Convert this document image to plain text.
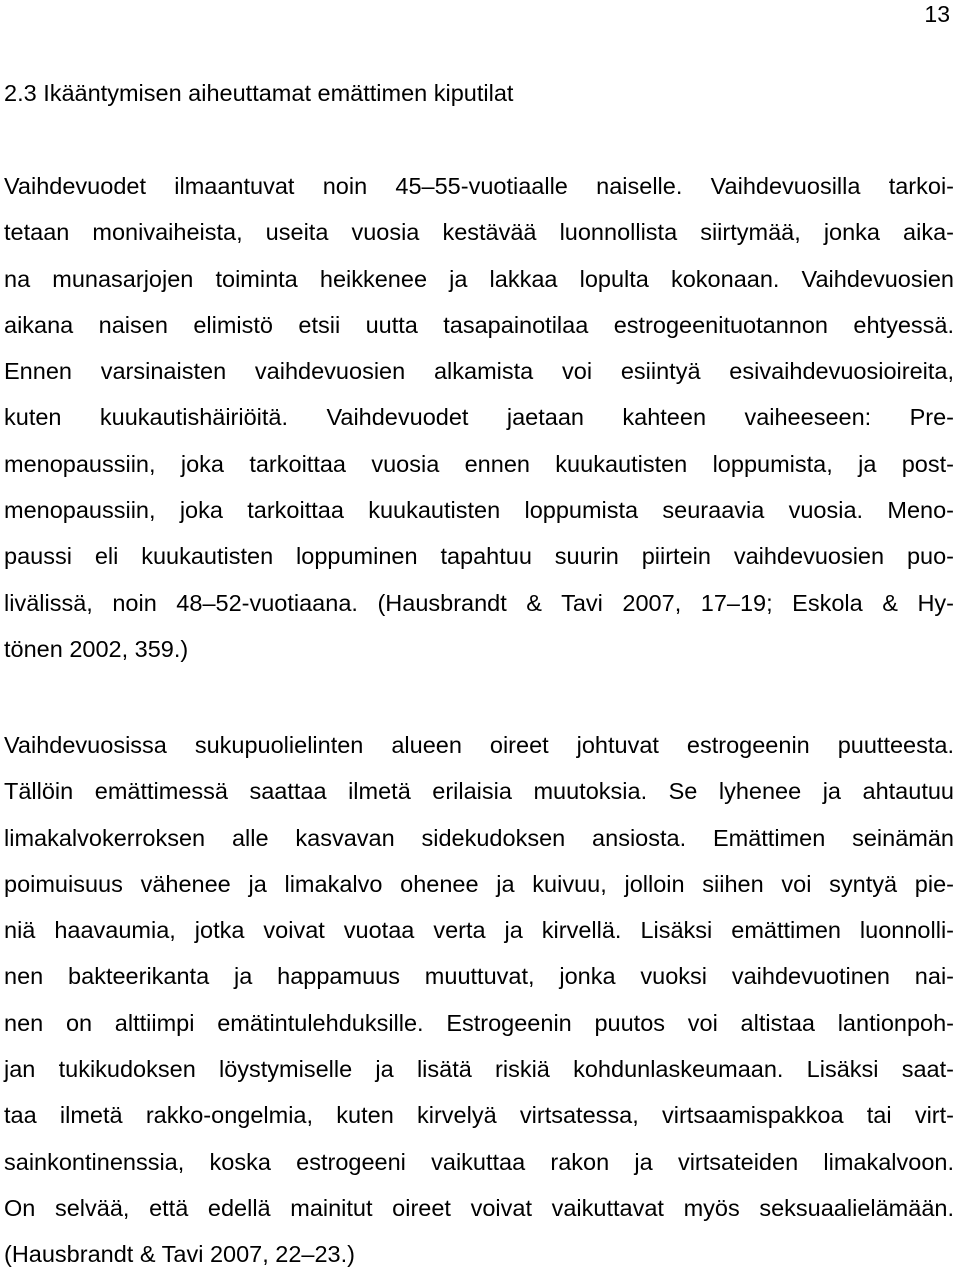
13
2.3 Ikääntymisen aiheuttamat emättimen kiputilat
Vaihdevuodet ilmaantuvat noin 45–55-vuotiaalle naiselle. Vaihdevuosilla tarkoi-
tetaan monivaiheista, useita vuosia kestävää luonnollista siirtymää, jonka aika-
na munasarjojen toiminta heikkenee ja lakkaa lopulta kokonaan. Vaihdevuosien
aikana naisen elimistö etsii uutta tasapainotilaa estrogeenituotannon ehtyessä.
Ennen varsinaisten vaihdevuosien alkamista voi esiintyä esivaihdevuosioireita,
kuten kuukautishäiriöitä. Vaihdevuodet jaetaan kahteen vaiheeseen: Pre-
menopaussiin, joka tarkoittaa vuosia ennen kuukautisten loppumista, ja post-
menopaussiin, joka tarkoittaa kuukautisten loppumista seuraavia vuosia. Meno-
paussi eli kuukautisten loppuminen tapahtuu suurin piirtein vaihdevuosien puo-
livälissä, noin 48–52-vuotiaana. (Hausbrandt & Tavi 2007, 17–19; Eskola & Hy-
tönen 2002, 359.)
Vaihdevuosissa sukupuolielinten alueen oireet johtuvat estrogeenin puutteesta.
Tällöin emättimessä saattaa ilmetä erilaisia muutoksia. Se lyhenee ja ahtautuu
limakalvokerroksen alle kasvavan sidekudoksen ansiosta. Emättimen seinämän
poimuisuus vähenee ja limakalvo ohenee ja kuivuu, jolloin siihen voi syntyä pie-
niä haavaumia, jotka voivat vuotaa verta ja kirvellä. Lisäksi emättimen luonnolli-
nen bakteerikanta ja happamuus muuttuvat, jonka vuoksi vaihdevuotinen nai-
nen on alttiimpi emätintulehduksille. Estrogeenin puutos voi altistaa lantionpoh-
jan tukikudoksen löystymiselle ja lisätä riskiä kohdunlaskeumaan. Lisäksi saat-
taa ilmetä rakko-ongelmia, kuten kirvelyä virtsatessa, virtsaamispakkoa tai virt-
sainkontinenssia, koska estrogeeni vaikuttaa rakon ja virtsateiden limakalvoon.
On selvää, että edellä mainitut oireet voivat vaikuttavat myös seksuaalielämään.
(Hausbrandt & Tavi 2007, 22–23.)
